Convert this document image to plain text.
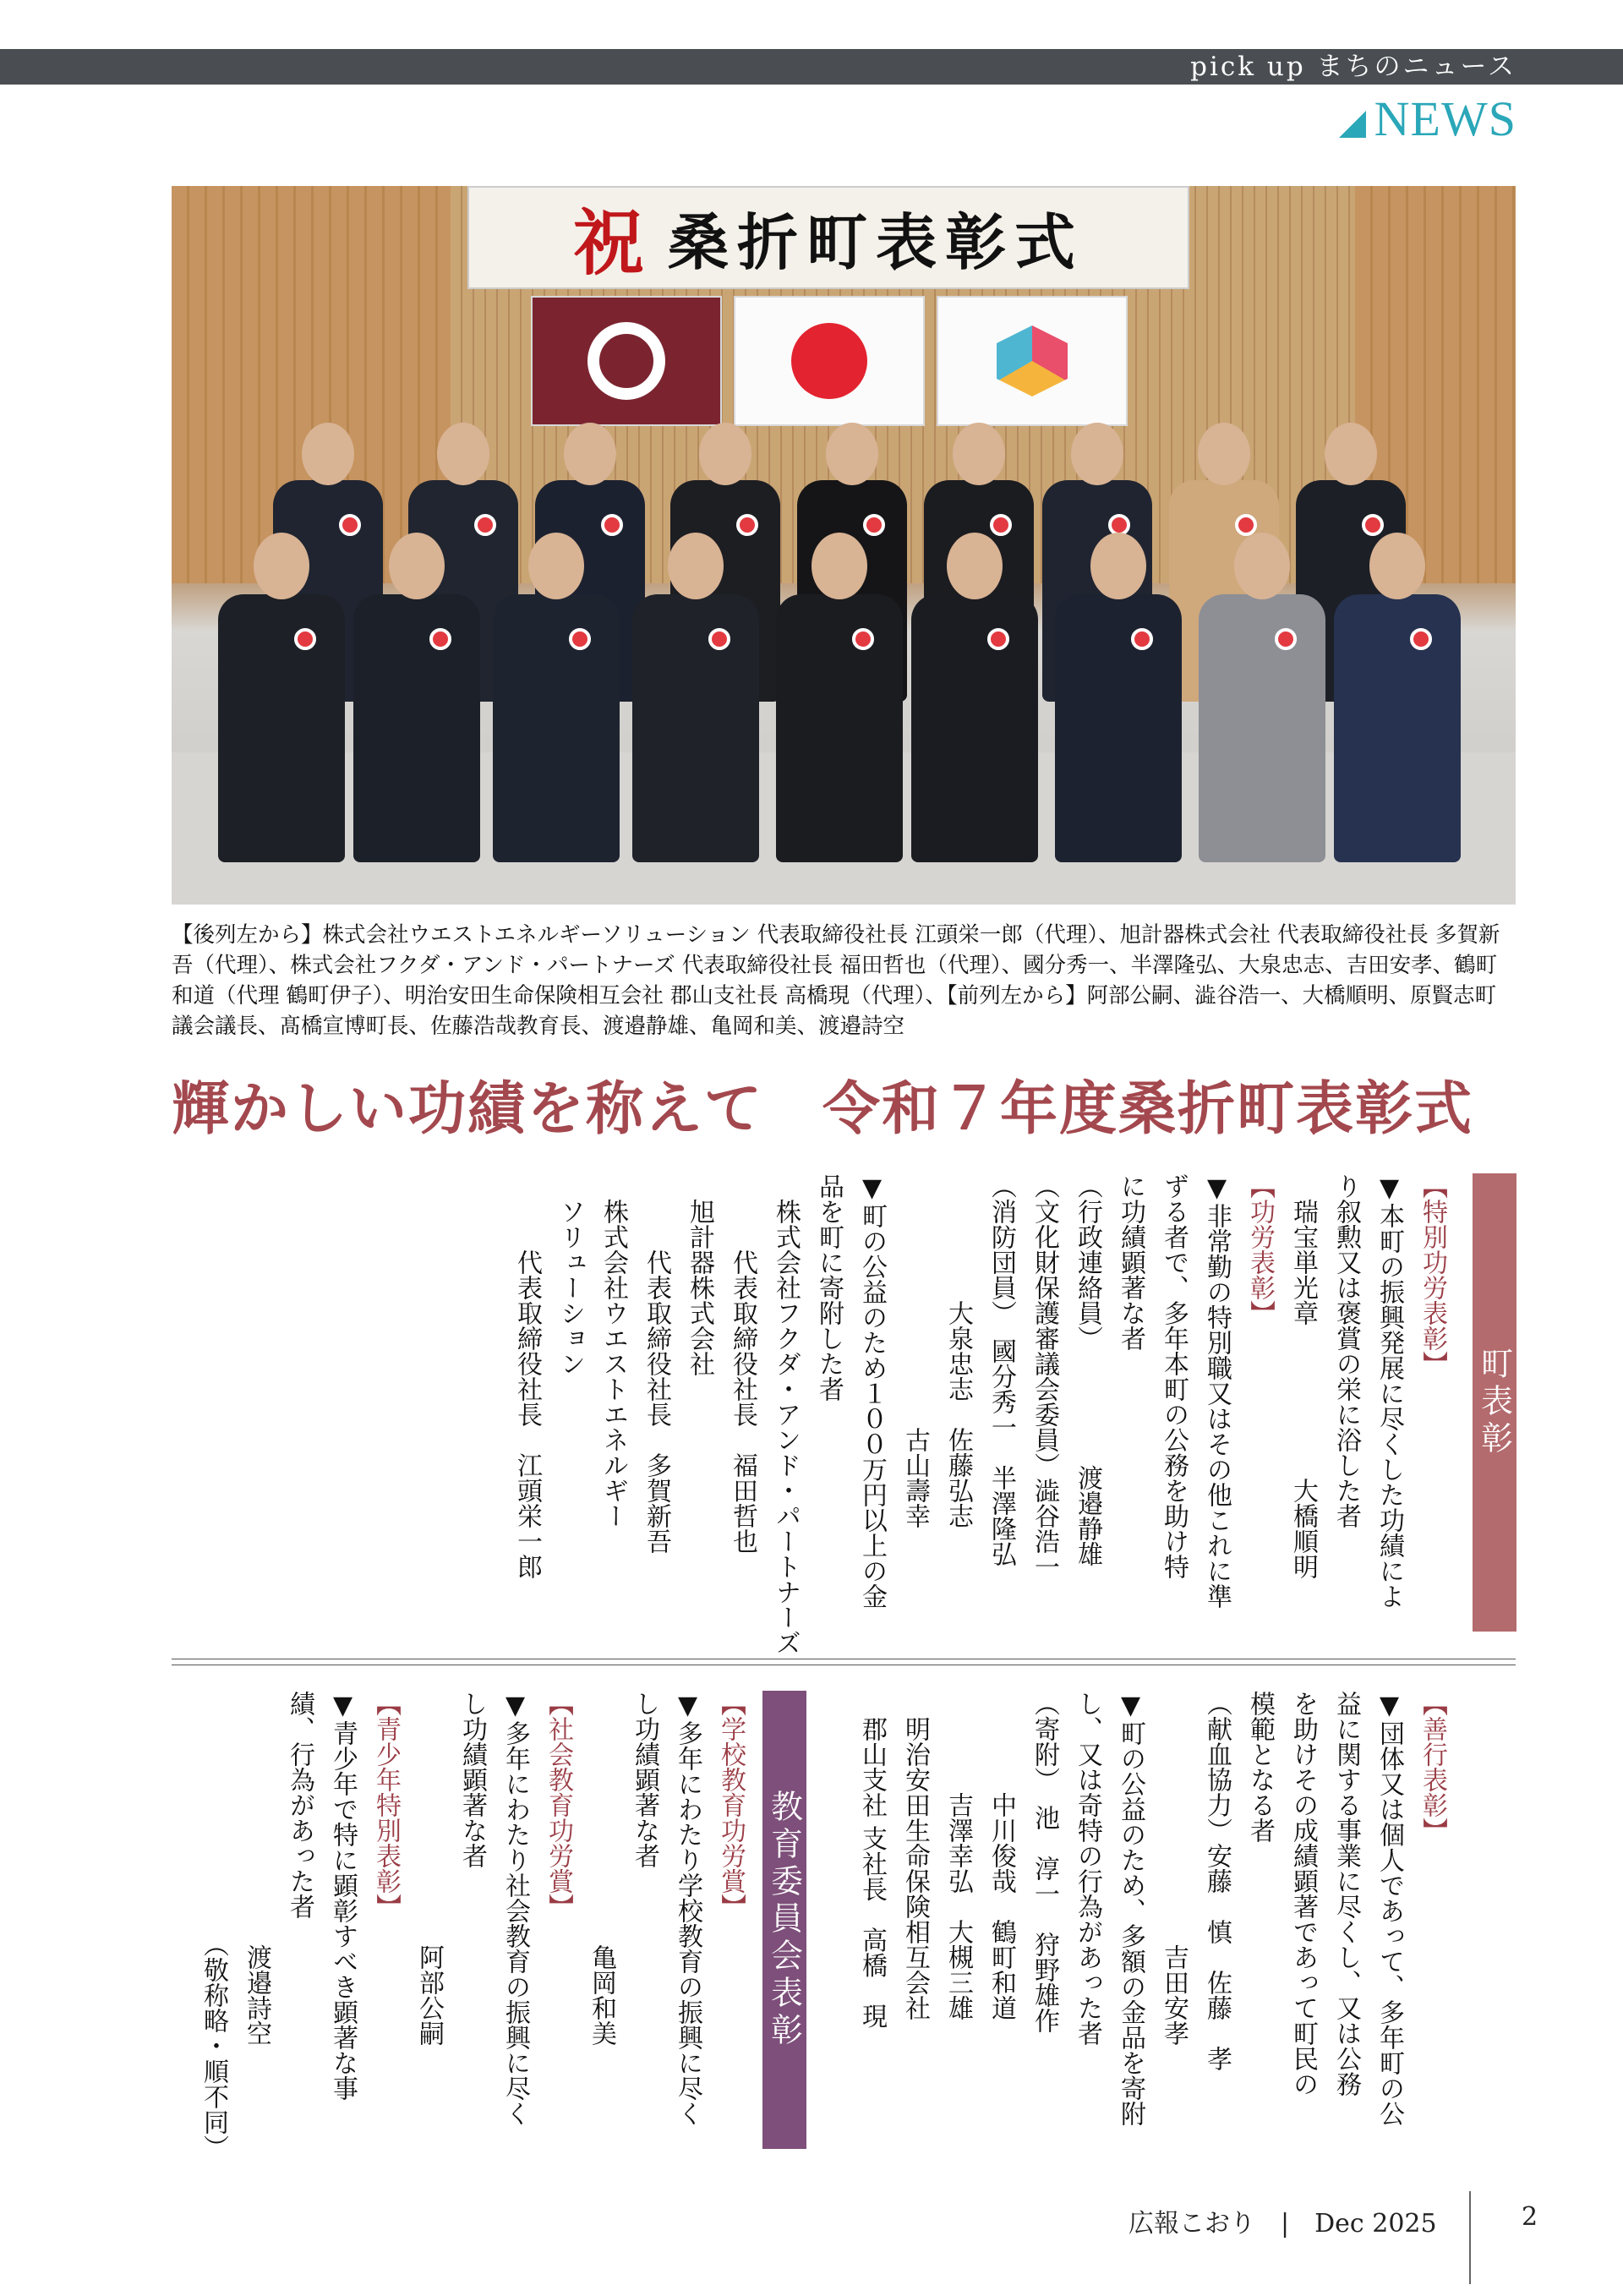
pick up まちのニュース
NEWS
祝 桑折町表彰式
【後列左から】株式会社ウエストエネルギーソリューション 代表取締役社長 江頭栄一郎（代理）、旭計器株式会社 代表取締役社長 多賀新吾（代理）、株式会社フクダ・アンド・パートナーズ 代表取締役社長 福田哲也（代理）、國分秀一、半澤隆弘、大泉忠志、吉田安孝、鶴町和道（代理 鶴町伊子）、明治安田生命保険相互会社 郡山支社長 高橋現（代理）、【前列左から】阿部公嗣、澁谷浩一、大橋順明、原賢志町議会議長、髙橋宣博町長、佐藤浩哉教育長、渡邉静雄、亀岡和美、渡邉詩空
輝かしい功績を称えて　令和７年度桑折町表彰式
町表彰
【特別功労表彰】
▼本町の振興発展に尽くした功績によ
り叙勲又は褒賞の栄に浴した者
　瑞宝単光章　　　　　　大橋順明
【功労表彰】
▼非常勤の特別職又はその他これに準
ずる者で、多年本町の公務を助け特
に功績顕著な者
（行政連絡員）　　　　　渡邉静雄
（文化財保護審議会委員）澁谷浩一
（消防団員）　國分秀一　半澤隆弘
　　　　　大泉忠志　佐藤弘志
　　　　　　　　　　古山壽幸
▼町の公益のため１００万円以上の金
品を町に寄附した者
　株式会社フクダ・アンド・パートナーズ
　　　代表取締役社長　福田哲也
　旭計器株式会社
　　　代表取締役社長　多賀新吾
　株式会社ウエストエネルギー
　ソリューション
　　　代表取締役社長　江頭栄一郎
【善行表彰】
▼団体又は個人であって、多年町の公
益に関する事業に尽くし、又は公務
を助けその成績顕著であって町民の
模範となる者
（献血協力）安藤　慎　佐藤　孝
　　　　　　　　　　吉田安孝
▼町の公益のため、多額の金品を寄附
し、又は奇特の行為があった者
（寄附）　池　淳一　狩野雄作
　　　　中川俊哉　鶴町和道
　　　　吉澤幸弘　大槻三雄
　明治安田生命保険相互会社
　郡山支社 支社長　高橋　現
教育委員会表彰
【学校教育功労賞】
▼多年にわたり学校教育の振興に尽く
し功績顕著な者
　　　　　　　　　　亀岡和美
【社会教育功労賞】
▼多年にわたり社会教育の振興に尽く
し功績顕著な者
　　　　　　　　　　阿部公嗣
【青少年特別表彰】
▼青少年で特に顕彰すべき顕著な事
績、行為があった者
　　　　　　　　　　渡邉詩空
　　　　　　　　　　（敬称略・順不同）
広報こおり　|　Dec 2025	2
